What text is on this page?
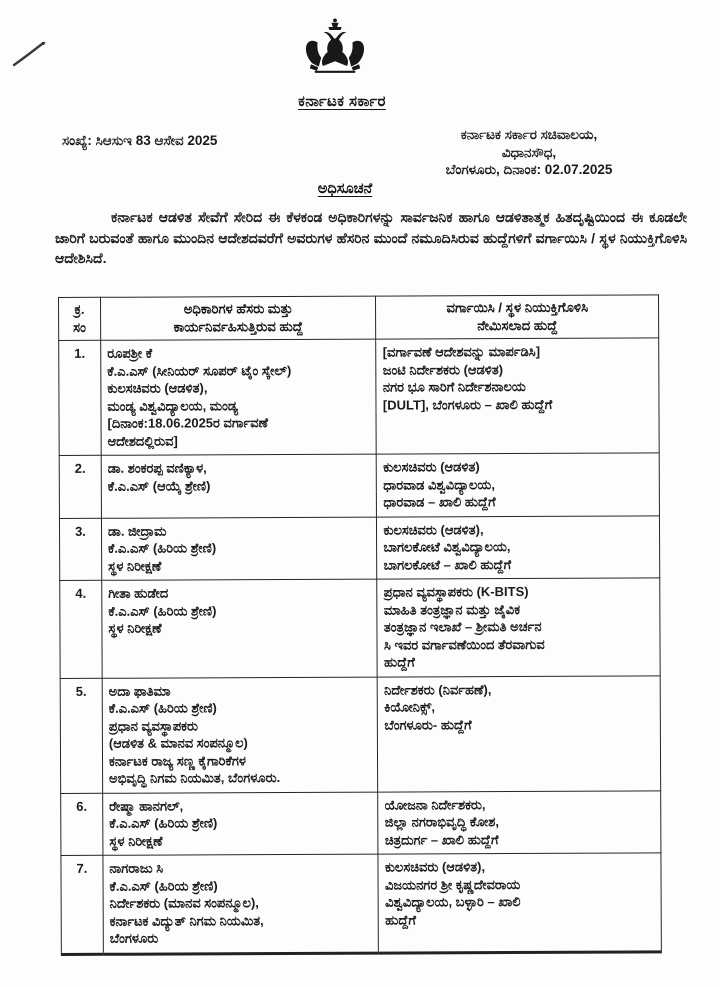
ಕರ್ನಾಟಕ ಸರ್ಕಾರ
ಸಂಖ್ಯೆ: ಸಿಆಸುಇ 83 ಆಸೇವ 2025	ಕರ್ನಾಟಕ ಸರ್ಕಾರ ಸಚಿವಾಲಯ,
ವಿಧಾನಸೌಧ,
ಬೆಂಗಳೂರು, ದಿನಾಂಕ: 02.07.2025
ಅಧಿಸೂಚನೆ
ಕರ್ನಾಟಕ ಆಡಳಿತ ಸೇವೆಗೆ ಸೇರಿದ ಈ ಕೆಳಕಂಡ ಅಧಿಕಾರಿಗಳನ್ನು ಸಾರ್ವಜನಿಕ ಹಾಗೂ ಆಡಳಿತಾತ್ಮಕ ಹಿತದೃಷ್ಟಿಯಿಂದ ಈ ಕೂಡಲೇ ಜಾರಿಗೆ ಬರುವಂತೆ ಹಾಗೂ ಮುಂದಿನ ಆದೇಶದವರೆಗೆ ಅವರುಗಳ ಹೆಸರಿನ ಮುಂದೆ ನಮೂದಿಸಿರುವ ಹುದ್ದೆಗಳಿಗೆ ವರ್ಗಾಯಿಸಿ / ಸ್ಥಳ ನಿಯುಕ್ತಿಗೊಳಿಸಿ ಆದೇಶಿಸಿದೆ.
ಕ್ರ.
ಸಂ

ಅಧಿಕಾರಿಗಳ ಹೆಸರು ಮತ್ತು
ಕಾರ್ಯನಿರ್ವಹಿಸುತ್ತಿರುವ ಹುದ್ದೆ

ವರ್ಗಾಯಿಸಿ / ಸ್ಥಳ ನಿಯುಕ್ತಿಗೊಳಿಸಿ
ನೇಮಿಸಲಾದ ಹುದ್ದೆ

1.	ರೂಪಶ್ರೀ ಕೆ
ಕೆ.ಎ.ಎಸ್ (ಸೀನಿಯರ್ ಸೂಪರ್ ಟೈಂ ಸ್ಕೇಲ್)
ಕುಲಸಚಿವರು (ಆಡಳಿತ),
ಮಂಡ್ಯ ವಿಶ್ವವಿದ್ಯಾಲಯ, ಮಂಡ್ಯ
[ದಿನಾಂಕ:18.06.2025ರ ವರ್ಗಾವಣೆ
ಆದೇಶದಲ್ಲಿರುವ]

[ವರ್ಗಾವಣೆ ಆದೇಶವನ್ನು ಮಾರ್ಪಡಿಸಿ]
ಜಂಟಿ ನಿರ್ದೇಶಕರು (ಆಡಳಿತ)
ನಗರ ಭೂ ಸಾರಿಗೆ ನಿರ್ದೇಶನಾಲಯ
[DULT], ಬೆಂಗಳೂರು – ಖಾಲಿ ಹುದ್ದೆಗೆ

2.	ಡಾ. ಶಂಕರಪ್ಪ ವಣಿಕ್ಯಾಳ,
ಕೆ.ಎ.ಎಸ್ (ಆಯ್ಕೆ ಶ್ರೇಣಿ)

ಕುಲಸಚಿವರು (ಆಡಳಿತ)
ಧಾರವಾಡ ವಿಶ್ವವಿದ್ಯಾಲಯ,
ಧಾರವಾಡ – ಖಾಲಿ ಹುದ್ದೆಗೆ

3.	ಡಾ. ಜೀದ್ರಾಮ
ಕೆ.ಎ.ಎಸ್ (ಹಿರಿಯ ಶ್ರೇಣಿ)
ಸ್ಥಳ ನಿರೀಕ್ಷಣೆ

ಕುಲಸಚಿವರು (ಆಡಳಿತ),
ಬಾಗಲಕೋಟೆ ವಿಶ್ವವಿದ್ಯಾಲಯ,
ಬಾಗಲಕೋಟೆ – ಖಾಲಿ ಹುದ್ದೆಗೆ

4.	ಗೀತಾ ಹುಡೇದ
ಕೆ.ಎ.ಎಸ್ (ಹಿರಿಯ ಶ್ರೇಣಿ)
ಸ್ಥಳ ನಿರೀಕ್ಷಣೆ

ಪ್ರಧಾನ ವ್ಯವಸ್ಥಾಪಕರು (K-BITS)
ಮಾಹಿತಿ ತಂತ್ರಜ್ಞಾನ ಮತ್ತು ಜೈವಿಕ
ತಂತ್ರಜ್ಞಾನ ಇಲಾಖೆ – ಶ್ರೀಮತಿ ಅರ್ಚನ
ಸಿ ಇವರ ವರ್ಗಾವಣೆಯಿಂದ ತೆರವಾಗುವ
ಹುದ್ದೆಗೆ

5.	ಅದಾ ಫಾತಿಮಾ
ಕೆ.ಎ.ಎಸ್ (ಹಿರಿಯ ಶ್ರೇಣಿ)
ಪ್ರಧಾನ ವ್ಯವಸ್ಥಾಪಕರು
(ಆಡಳಿತ & ಮಾನವ ಸಂಪನ್ಮೂಲ)
ಕರ್ನಾಟಕ ರಾಜ್ಯ ಸಣ್ಣ ಕೈಗಾರಿಕೆಗಳ
ಅಭಿವೃದ್ಧಿ ನಿಗಮ ನಿಯಮಿತ, ಬೆಂಗಳೂರು.

ನಿರ್ದೇಶಕರು (ನಿರ್ವಹಣೆ),
ಕಿಯೋನಿಕ್ಸ್,
ಬೆಂಗಳೂರು- ಹುದ್ದೆಗೆ

6.	ರೇಷ್ಮಾ ಹಾನಗಲ್,
ಕೆ.ಎ.ಎಸ್ (ಹಿರಿಯ ಶ್ರೇಣಿ)
ಸ್ಥಳ ನಿರೀಕ್ಷಣೆ

ಯೋಜನಾ ನಿರ್ದೇಶಕರು,
ಜಿಲ್ಲಾ ನಗರಾಭಿವೃದ್ಧಿ ಕೋಶ,
ಚಿತ್ರದುರ್ಗ – ಖಾಲಿ ಹುದ್ದೆಗೆ

7.	ನಾಗರಾಜು ಸಿ
ಕೆ.ಎ.ಎಸ್ (ಹಿರಿಯ ಶ್ರೇಣಿ)
ನಿರ್ದೇಶಕರು (ಮಾನವ ಸಂಪನ್ಮೂಲ),
ಕರ್ನಾಟಕ ವಿದ್ಯುತ್ ನಿಗಮ ನಿಯಮಿತ,
ಬೆಂಗಳೂರು

ಕುಲಸಚಿವರು (ಆಡಳಿತ),
ವಿಜಯನಗರ ಶ್ರೀ ಕೃಷ್ಣದೇವರಾಯ
ವಿಶ್ವವಿದ್ಯಾಲಯ, ಬಳ್ಳಾರಿ – ಖಾಲಿ
ಹುದ್ದೆಗೆ
